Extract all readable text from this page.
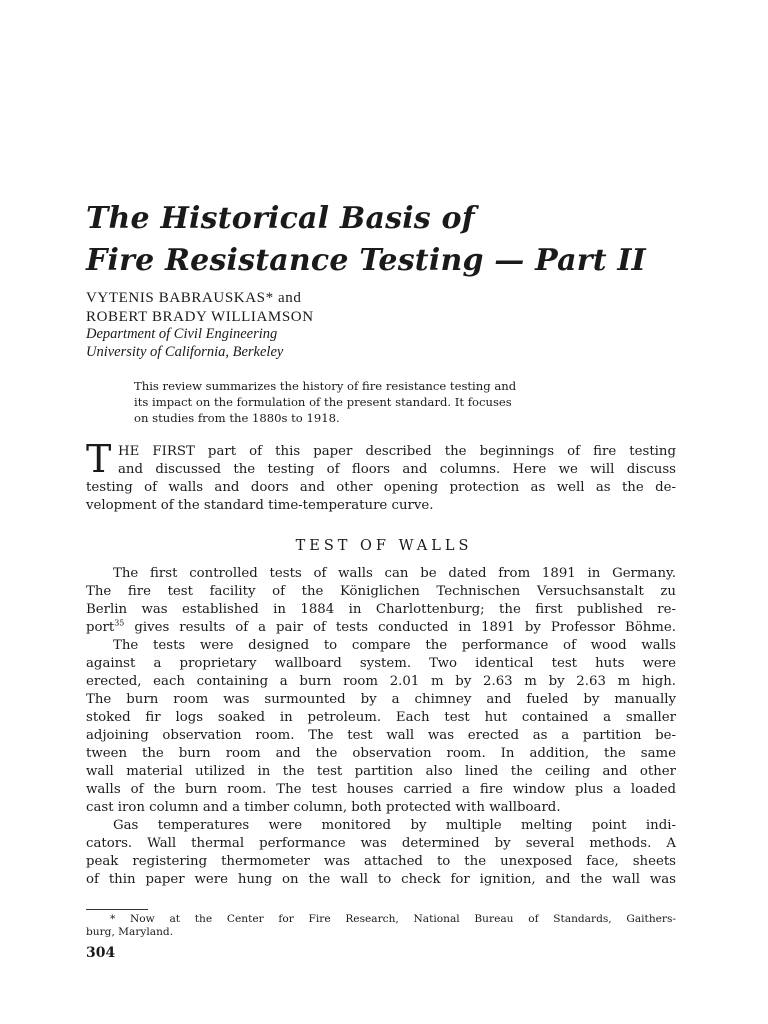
The Historical Basis of
Fire Resistance Testing — Part II
VYTENIS BABRAUSKAS* and
ROBERT BRADY WILLIAMSON
Department of Civil Engineering
University of California, Berkeley
This review summarizes the history of fire resistance testing and
its impact on the formulation of the present standard. It focuses
on studies from the 1880s to 1918.
T HE FIRST part of this paper described the beginnings of fire testing
and discussed the testing of floors and columns. Here we will discuss
testing of walls and doors and other opening protection as well as the de-
velopment of the standard time-temperature curve.
TEST OF WALLS
The first controlled tests of walls can be dated from 1891 in Germany.
The fire test facility of the Königlichen Technischen Versuchsanstalt zu
Berlin was established in 1884 in Charlottenburg; the first published re-
port$^{35}$ gives results of a pair of tests conducted in 1891 by Professor Böhme.
The tests were designed to compare the performance of wood walls
against a proprietary wallboard system. Two identical test huts were
erected, each containing a burn room 2.01 m by 2.63 m by 2.63 m high.
The burn room was surmounted by a chimney and fueled by manually
stoked fir logs soaked in petroleum. Each test hut contained a smaller
adjoining observation room. The test wall was erected as a partition be-
tween the burn room and the observation room. In addition, the same
wall material utilized in the test partition also lined the ceiling and other
walls of the burn room. The test houses carried a fire window plus a loaded
cast iron column and a timber column, both protected with wallboard.
Gas temperatures were monitored by multiple melting point indi-
cators. Wall thermal performance was determined by several methods. A
peak registering thermometer was attached to the unexposed face, sheets
of thin paper were hung on the wall to check for ignition, and the wall was
* Now at the Center for Fire Research, National Bureau of Standards, Gaithers-
burg, Maryland.
304
